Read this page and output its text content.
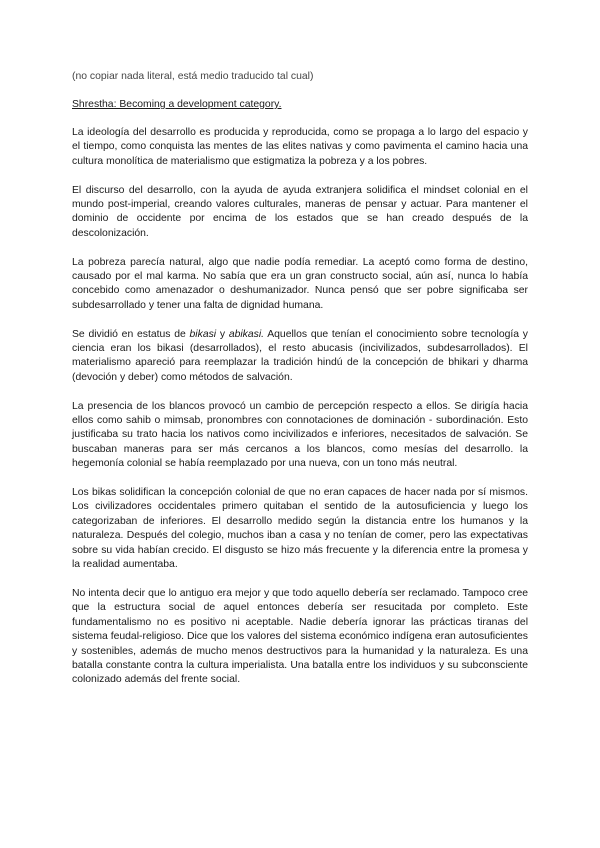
(no copiar nada literal, está medio traducido tal cual)

Shrestha: Becoming a development category.

La ideología del desarrollo es producida y reproducida, como se propaga a lo largo del espacio y el tiempo, como conquista las mentes de las elites nativas y como pavimenta el camino hacia una cultura monolítica de materialismo que estigmatiza la pobreza y a los pobres.

El discurso del desarrollo, con la ayuda de ayuda extranjera solidifica el mindset colonial en el mundo post-imperial, creando valores culturales, maneras de pensar y actuar. Para mantener el dominio de occidente por encima de los estados que se han creado después de la descolonización.

La pobreza parecía natural, algo que nadie podía remediar. La aceptó como forma de destino, causado por el mal karma. No sabía que era un gran constructo social, aún así, nunca lo había concebido como amenazador o deshumanizador. Nunca pensó que ser pobre significaba ser subdesarrollado y tener una falta de dignidad humana.

Se dividió en estatus de bikasi y abikasi. Aquellos que tenían el conocimiento sobre tecnología y ciencia eran los bikasi (desarrollados), el resto abucasis (incivilizados, subdesarrollados). El materialismo apareció para reemplazar la tradición hindú de la concepción de bhikari y dharma (devoción y deber) como métodos de salvación.

La presencia de los blancos provocó un cambio de percepción respecto a ellos. Se dirigía hacia ellos como sahib o mimsab, pronombres con connotaciones de dominación - subordinación. Esto justificaba su trato hacia los nativos como incivilizados e inferiores, necesitados de salvación. Se buscaban maneras para ser más cercanos a los blancos, como mesías del desarrollo. la hegemonía colonial se había reemplazado por una nueva, con un tono más neutral.

Los bikas solidifican la concepción colonial de que no eran capaces de hacer nada por sí mismos. Los civilizadores occidentales primero quitaban el sentido de la autosuficiencia y luego los categorizaban de inferiores. El desarrollo medido según la distancia entre los humanos y la naturaleza. Después del colegio, muchos iban a casa y no tenían de comer, pero las expectativas sobre su vida habían crecido. El disgusto se hizo más frecuente y la diferencia entre la promesa y la realidad aumentaba.

No intenta decir que lo antiguo era mejor y que todo aquello debería ser reclamado. Tampoco cree que la estructura social de aquel entonces debería ser resucitada por completo. Este fundamentalismo no es positivo ni aceptable. Nadie debería ignorar las prácticas tiranas del sistema feudal-religioso. Dice que los valores del sistema económico indígena eran autosuficientes y sostenibles, además de mucho menos destructivos para la humanidad y la naturaleza. Es una batalla constante contra la cultura imperialista. Una batalla entre los individuos y su subconsciente colonizado además del frente social.
